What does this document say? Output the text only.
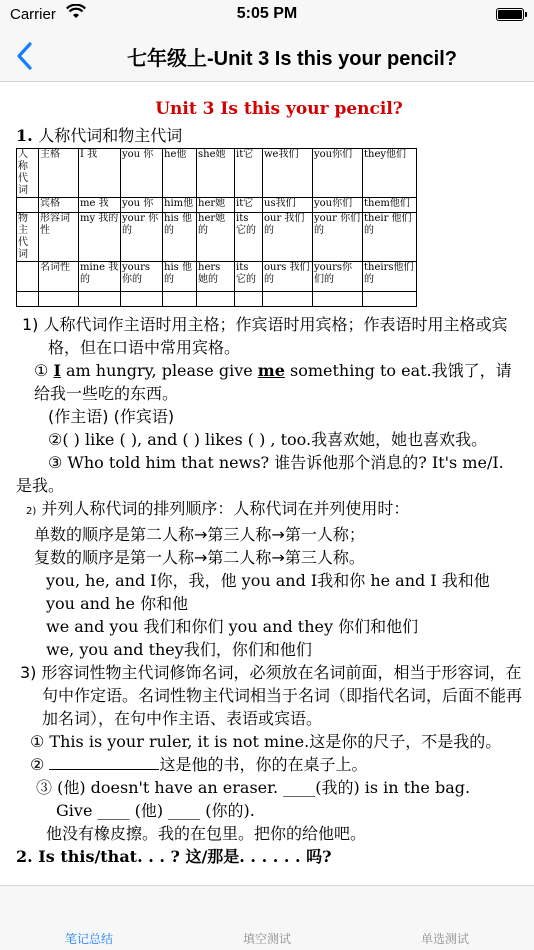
Carrier	5:05 PM
七年级上-Unit 3 Is this your pencil?
Unit 3 Is this your pencil?
1. 人称代词和物主代词
人称代词	主格	I 我	you 你	he他	she她	it它	we我们	you你们	they他们
	宾格	me 我	you 你	him他	her她	it它	us我们	you你们	them他们
物主代词	形容词性	my 我的	your 你的	his 他的	her她的	its 它的	our 我们的	your 你们的	their 他们的
	名词性	mine 我的	yours 你的	his 他的	hers 她的	its 它的	ours 我们的	yours你们的	theirs他们的

1) 人称代词作主语时用主格；作宾语时用宾格；作表语时用主格或宾格，但在口语中常用宾格。
① I am hungry, please give me something to eat.我饿了，请给我一些吃的东西。
(作主语) (作宾语)
②( ) like ( ), and ( ) likes ( ) , too.我喜欢她，她也喜欢我。
③ Who told him that news? 谁告诉他那个消息的? It's me/I. 是我。
2) 并列人称代词的排列顺序：人称代词在并列使用时：
单数的顺序是第二人称→第三人称→第一人称；
复数的顺序是第一人称→第二人称→第三人称。
you, he, and I你，我，他 you and I我和你 he and I 我和他
you and he 你和他
we and you 我们和你们 you and they 你们和他们
we, you and they我们，你们和他们
3) 形容词性物主代词修饰名词，必须放在名词前面，相当于形容词，在句中作定语。名词性物主代词相当于名词（即指代名词，后面不能再加名词），在句中作主语、表语或宾语。
① This is your ruler, it is not mine.这是你的尺子，不是我的。
②	这是他的书，你的在桌子上。
③ (他) doesn't have an eraser. ____(我的) is in the bag.
Give ____ (他) ____ (你的).
他没有橡皮擦。我的在包里。把你的给他吧。
2. Is this/that. . . ? 这/那是. . . . . . 吗?
笔记总结	填空测试	单选测试
